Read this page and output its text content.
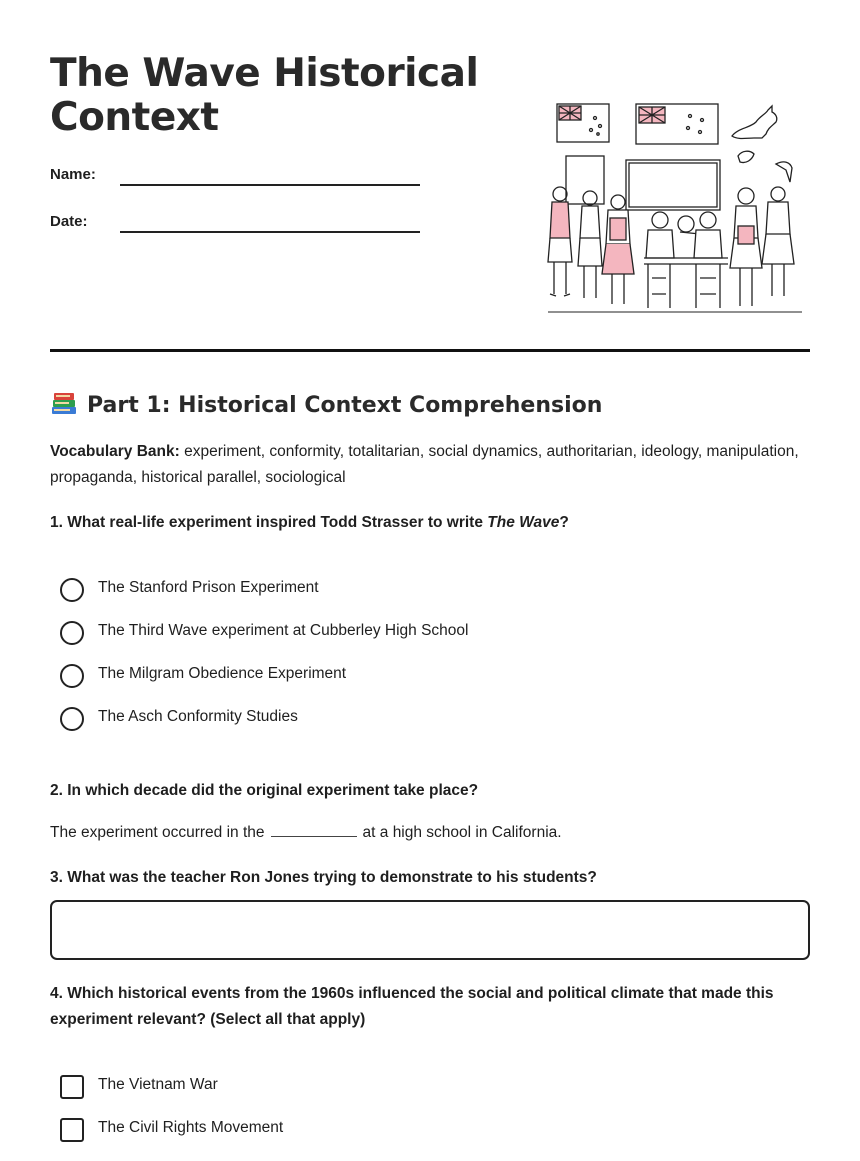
The Wave Historical
Context
Name:
Date:
Part 1: Historical Context Comprehension
Vocabulary Bank: experiment, conformity, totalitarian, social dynamics, authoritarian, ideology, manipulation, propaganda, historical parallel, sociological
1. What real-life experiment inspired Todd Strasser to write The Wave?
The Stanford Prison Experiment
The Third Wave experiment at Cubberley High School
The Milgram Obedience Experiment
The Asch Conformity Studies
2. In which decade did the original experiment take place?
The experiment occurred in the	at a high school in California.
3. What was the teacher Ron Jones trying to demonstrate to his students?
4. Which historical events from the 1960s influenced the social and political climate that made this experiment relevant? (Select all that apply)
The Vietnam War
The Civil Rights Movement
